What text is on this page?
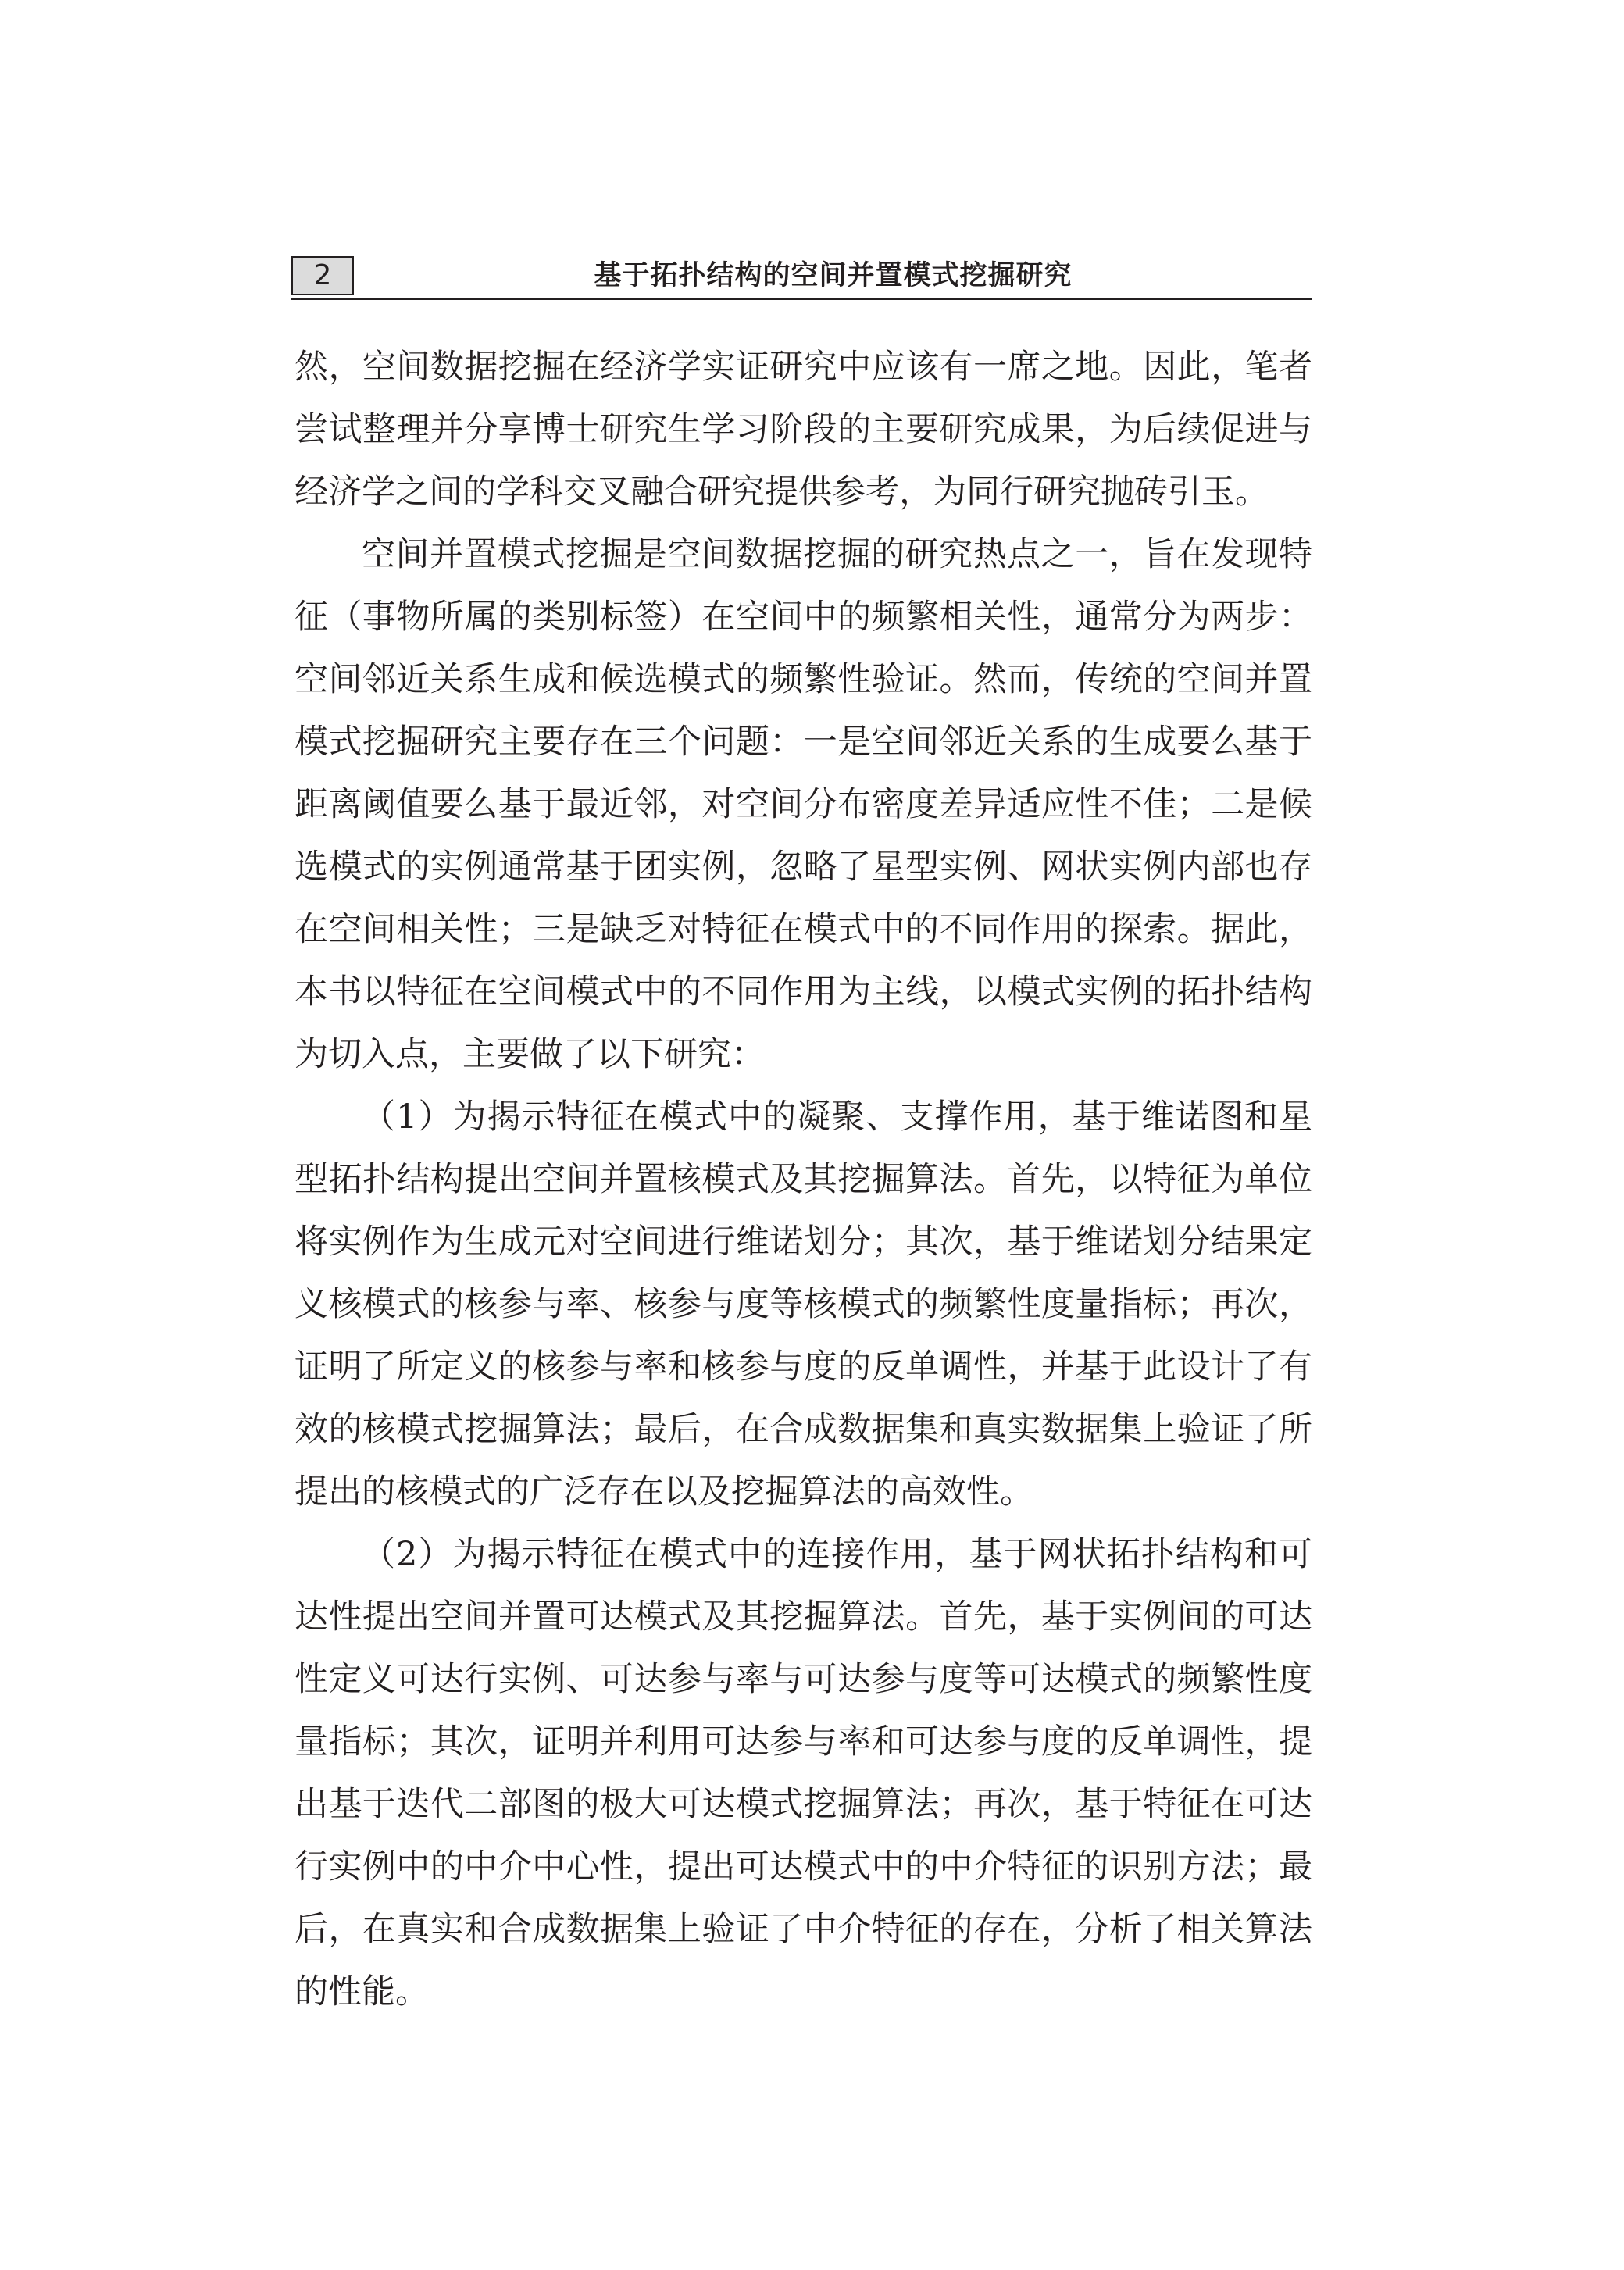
2	基于拓扑结构的空间并置模式挖掘研究
然，空间数据挖掘在经济学实证研究中应该有一席之地。因此，笔者
尝试整理并分享博士研究生学习阶段的主要研究成果，为后续促进与
经济学之间的学科交叉融合研究提供参考，为同行研究抛砖引玉。
空间并置模式挖掘是空间数据挖掘的研究热点之一，旨在发现特
征（事物所属的类别标签）在空间中的频繁相关性，通常分为两步：
空间邻近关系生成和候选模式的频繁性验证。然而，传统的空间并置
模式挖掘研究主要存在三个问题：一是空间邻近关系的生成要么基于
距离阈值要么基于最近邻，对空间分布密度差异适应性不佳；二是候
选模式的实例通常基于团实例，忽略了星型实例、网状实例内部也存
在空间相关性；三是缺乏对特征在模式中的不同作用的探索。据此，
本书以特征在空间模式中的不同作用为主线，以模式实例的拓扑结构
为切入点，主要做了以下研究：
（1）为揭示特征在模式中的凝聚、支撑作用，基于维诺图和星
型拓扑结构提出空间并置核模式及其挖掘算法。首先，以特征为单位
将实例作为生成元对空间进行维诺划分；其次，基于维诺划分结果定
义核模式的核参与率、核参与度等核模式的频繁性度量指标；再次，
证明了所定义的核参与率和核参与度的反单调性，并基于此设计了有
效的核模式挖掘算法；最后，在合成数据集和真实数据集上验证了所
提出的核模式的广泛存在以及挖掘算法的高效性。
（2）为揭示特征在模式中的连接作用，基于网状拓扑结构和可
达性提出空间并置可达模式及其挖掘算法。首先，基于实例间的可达
性定义可达行实例、可达参与率与可达参与度等可达模式的频繁性度
量指标；其次，证明并利用可达参与率和可达参与度的反单调性，提
出基于迭代二部图的极大可达模式挖掘算法；再次，基于特征在可达
行实例中的中介中心性，提出可达模式中的中介特征的识别方法；最
后，在真实和合成数据集上验证了中介特征的存在，分析了相关算法
的性能。
